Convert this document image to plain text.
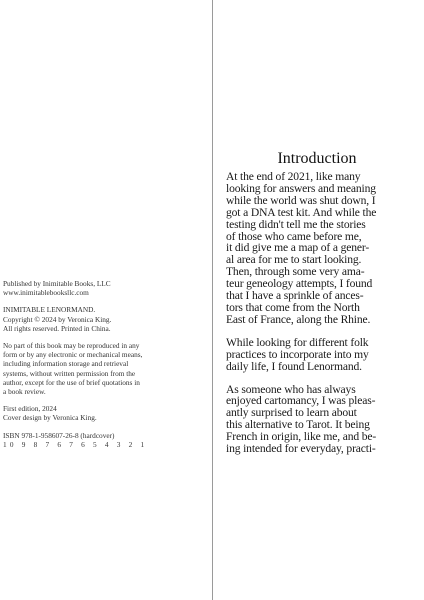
Published by Inimitable Books, LLC
www.inimitablebooksllc.com

INIMITABLE LENORMAND.
Copyright © 2024 by Veronica King.
All rights reserved. Printed in China.

No part of this book may be reproduced in any
form or by any electronic or mechanical means,
including information storage and retrieval
systems, without written permission from the
author, except for the use of brief quotations in
a book review.

First edition, 2024
Cover design by Veronica King.

ISBN 978-1-958607-26-8 (hardcover)
10 9 8 7 6 7 6 5 4 3 2 1

Introduction

At the end of 2021, like many
looking for answers and meaning
while the world was shut down, I
got a DNA test kit. And while the
testing didn't tell me the stories
of those who came before me,
it did give me a map of a gener-
al area for me to start looking.
Then, through some very ama-
teur geneology attempts, I found
that I have a sprinkle of ances-
tors that come from the North
East of France, along the Rhine.

While looking for different folk
practices to incorporate into my
daily life, I found Lenormand.

As someone who has always
enjoyed cartomancy, I was pleas-
antly surprised to learn about
this alternative to Tarot. It being
French in origin, like me, and be-
ing intended for everyday, practi-
